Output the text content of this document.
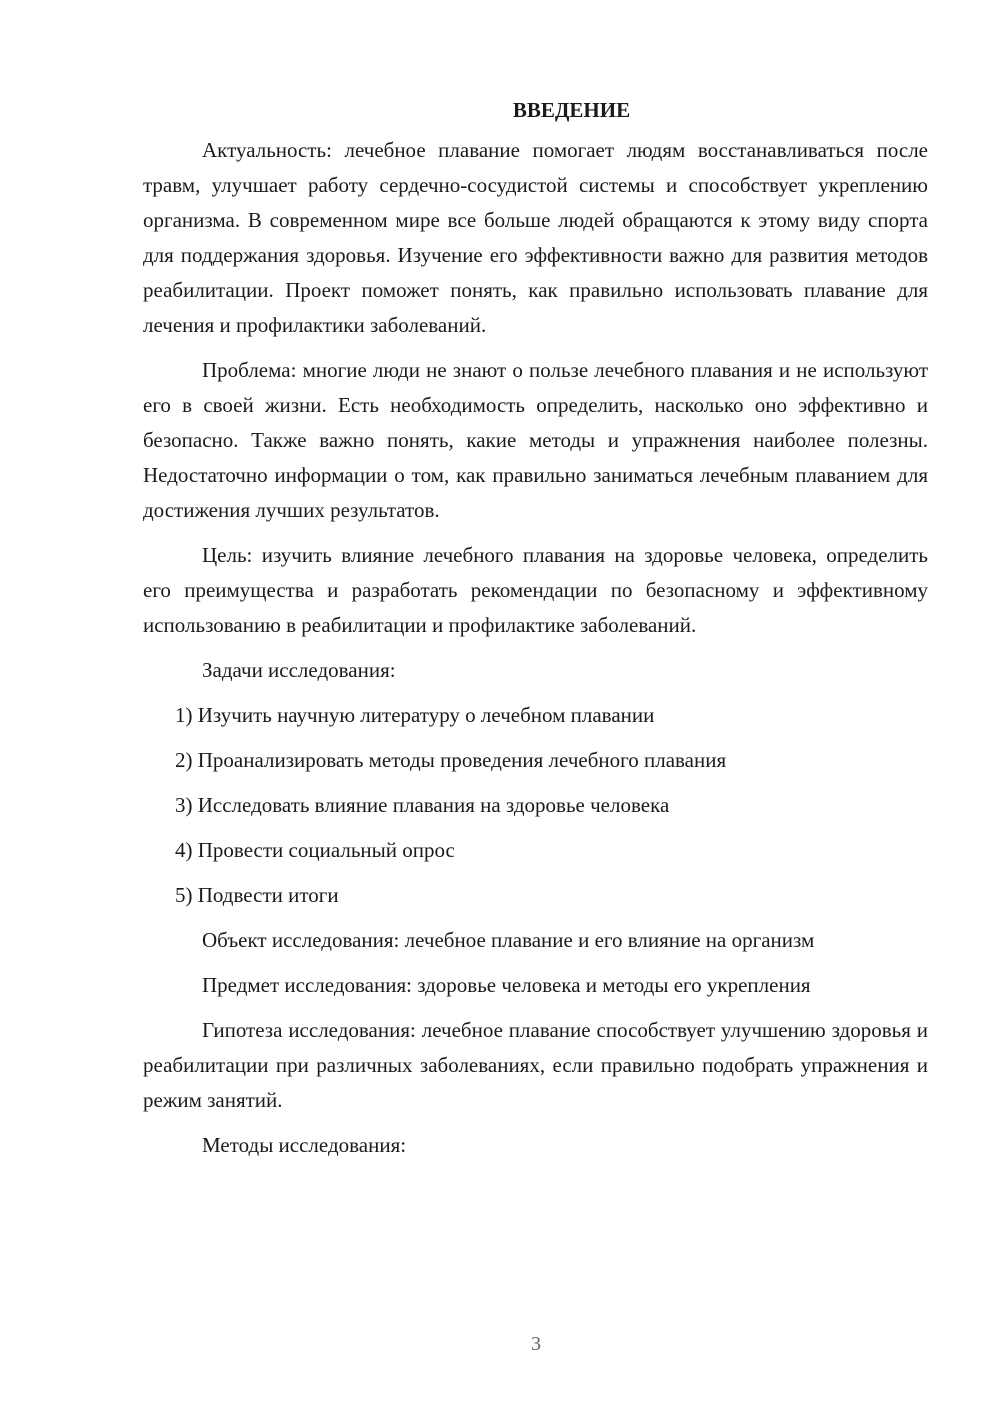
ВВЕДЕНИЕ

Актуальность: лечебное плавание помогает людям восстанавливаться после травм, улучшает работу сердечно-сосудистой системы и способствует укреплению организма. В современном мире все больше людей обращаются к этому виду спорта для поддержания здоровья. Изучение его эффективности важно для развития методов реабилитации. Проект поможет понять, как правильно использовать плавание для лечения и профилактики заболеваний.

Проблема: многие люди не знают о пользе лечебного плавания и не используют его в своей жизни. Есть необходимость определить, насколько оно эффективно и безопасно. Также важно понять, какие методы и упражнения наиболее полезны. Недостаточно информации о том, как правильно заниматься лечебным плаванием для достижения лучших результатов.

Цель: изучить влияние лечебного плавания на здоровье человека, определить его преимущества и разработать рекомендации по безопасному и эффективному использованию в реабилитации и профилактике заболеваний.

Задачи исследования:

1) Изучить научную литературу о лечебном плавании

2) Проанализировать методы проведения лечебного плавания

3) Исследовать влияние плавания на здоровье человека

4) Провести социальный опрос

5) Подвести итоги

Объект исследования: лечебное плавание и его влияние на организм

Предмет исследования: здоровье человека и методы его укрепления

Гипотеза исследования: лечебное плавание способствует улучшению здоровья и реабилитации при различных заболеваниях, если правильно подобрать упражнения и режим занятий.

Методы исследования:

3
